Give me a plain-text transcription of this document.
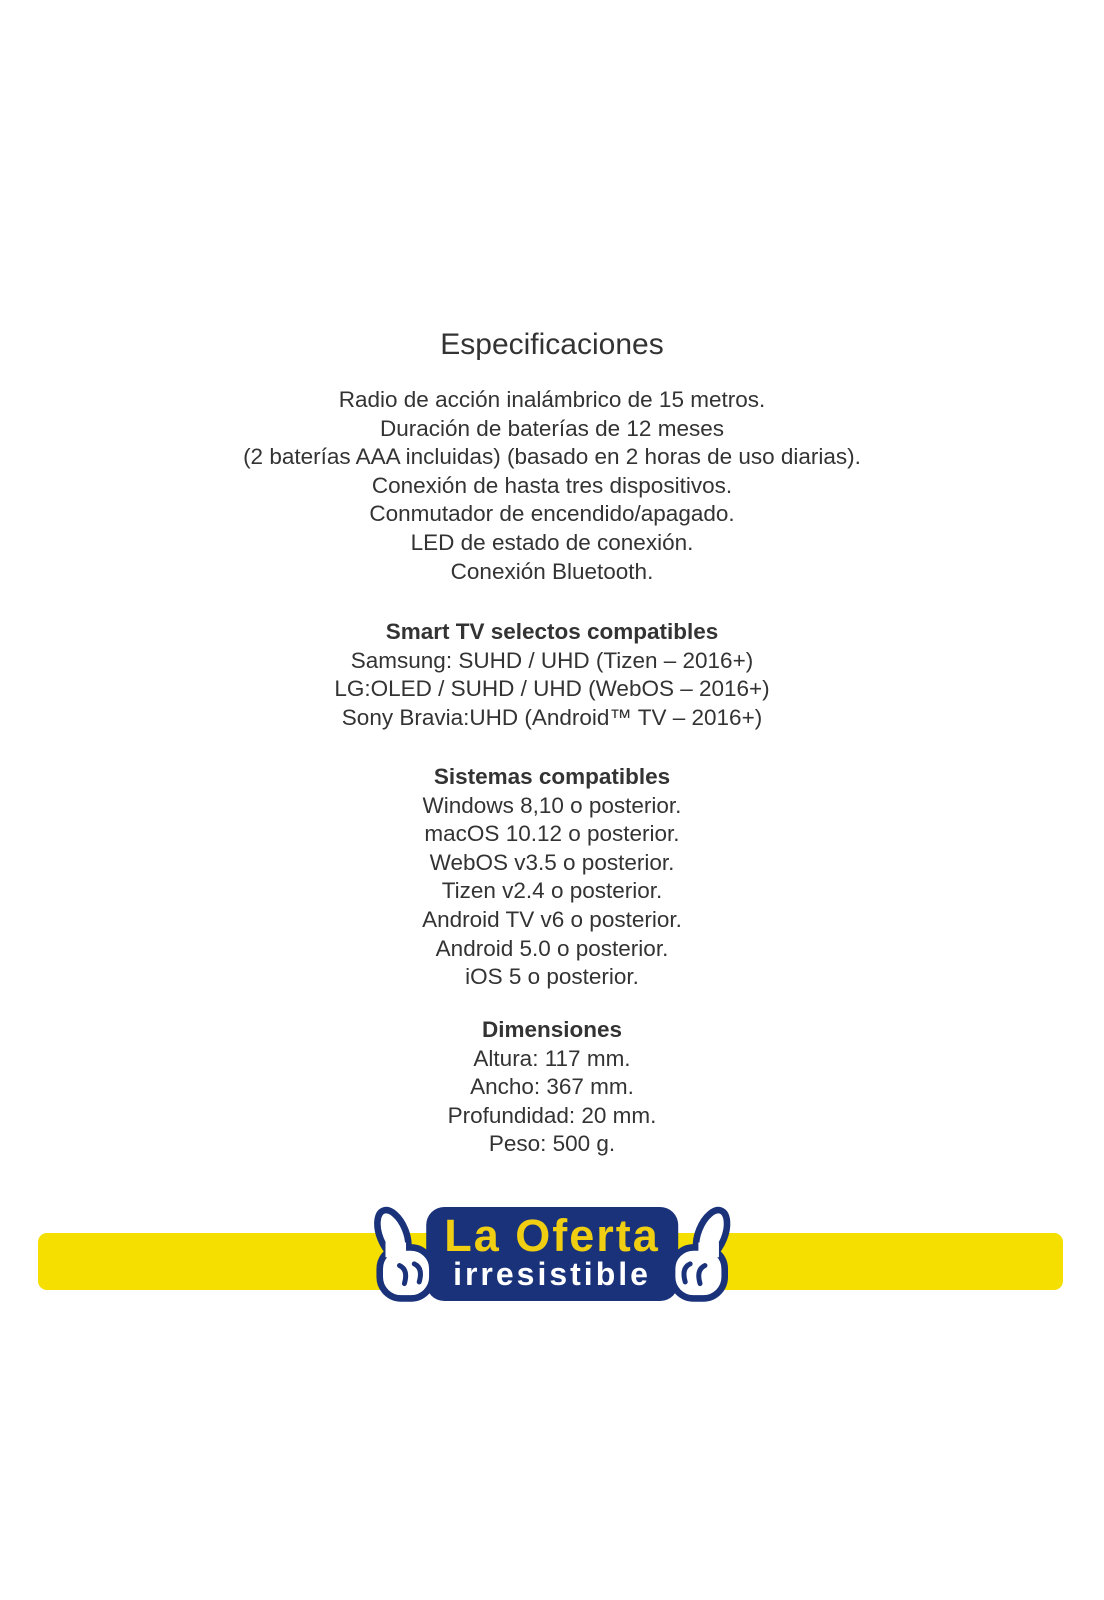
Especificaciones
Radio de acción inalámbrico de 15 metros.
Duración de baterías de 12 meses
(2 baterías AAA incluidas) (basado en 2 horas de uso diarias).
Conexión de hasta tres dispositivos.
Conmutador de encendido/apagado.
LED de estado de conexión.
Conexión Bluetooth.
Smart TV selectos compatibles
Samsung: SUHD / UHD (Tizen – 2016+)
LG:OLED / SUHD / UHD (WebOS – 2016+)
Sony Bravia:UHD (Android™ TV – 2016+)
Sistemas compatibles
Windows 8,10 o posterior.
macOS 10.12 o posterior.
WebOS v3.5 o posterior.
Tizen v2.4 o posterior.
Android TV v6 o posterior.
Android 5.0 o posterior.
iOS 5 o posterior.
Dimensiones
Altura: 117 mm.
Ancho: 367 mm.
Profundidad: 20 mm.
Peso: 500 g.
La Oferta
irresistible
